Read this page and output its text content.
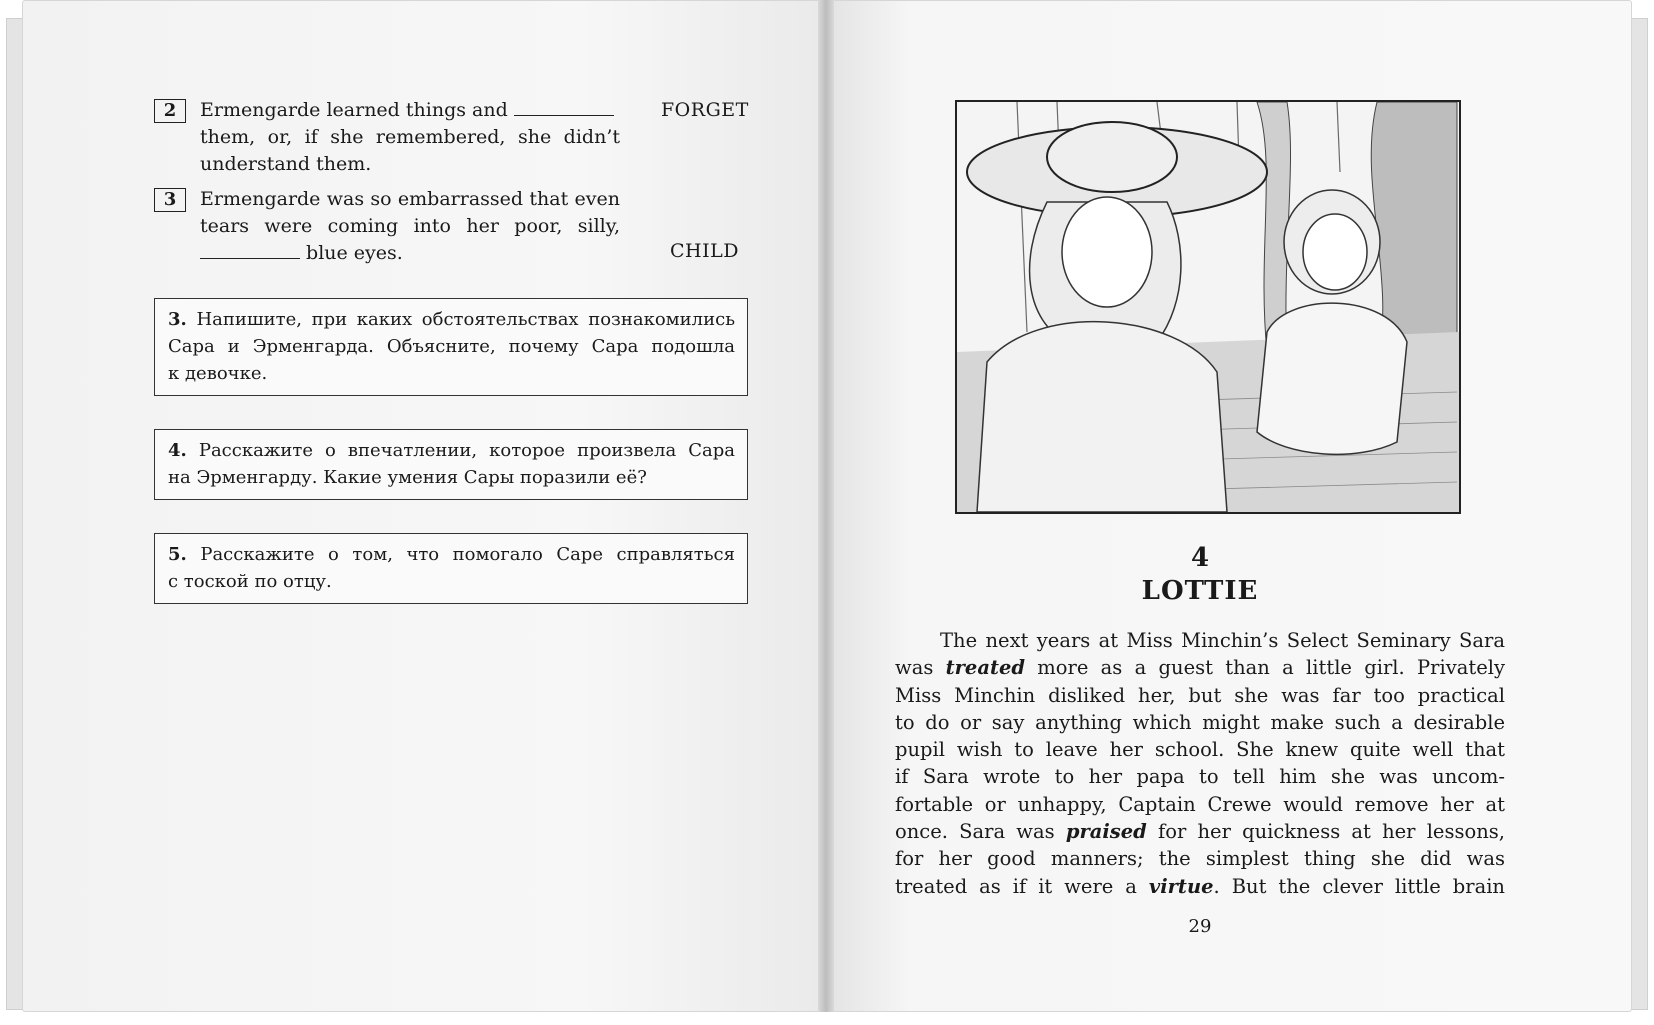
2	Ermengarde learned things and
them, or, if she remembered, she didn’t
understand them.
FORGET
3	Ermengarde was so embarrassed that even
tears were coming into her poor, silly,
blue eyes.	CHILD
3. Напишите, при каких обстоятельствах познакомились
Сара и Эрменгарда. Объясните, почему Сара подошла
к девочке.
4. Расскажите о впечатлении, которое произвела Сара
на Эрменгарду. Какие умения Сары поразили её?
5. Расскажите о том, что помогало Саре справляться
с тоской по отцу.
4
LOTTIE
The next years at Miss Minchin’s Select Seminary Sara
was treated more as a guest than a little girl. Privately
Miss Minchin disliked her, but she was far too practical
to do or say anything which might make such a desirable
pupil wish to leave her school. She knew quite well that
if Sara wrote to her papa to tell him she was uncom-
fortable or unhappy, Captain Crewe would remove her at
once. Sara was praised for her quickness at her lessons,
for her good manners; the simplest thing she did was
treated as if it were a virtue. But the clever little brain
29
